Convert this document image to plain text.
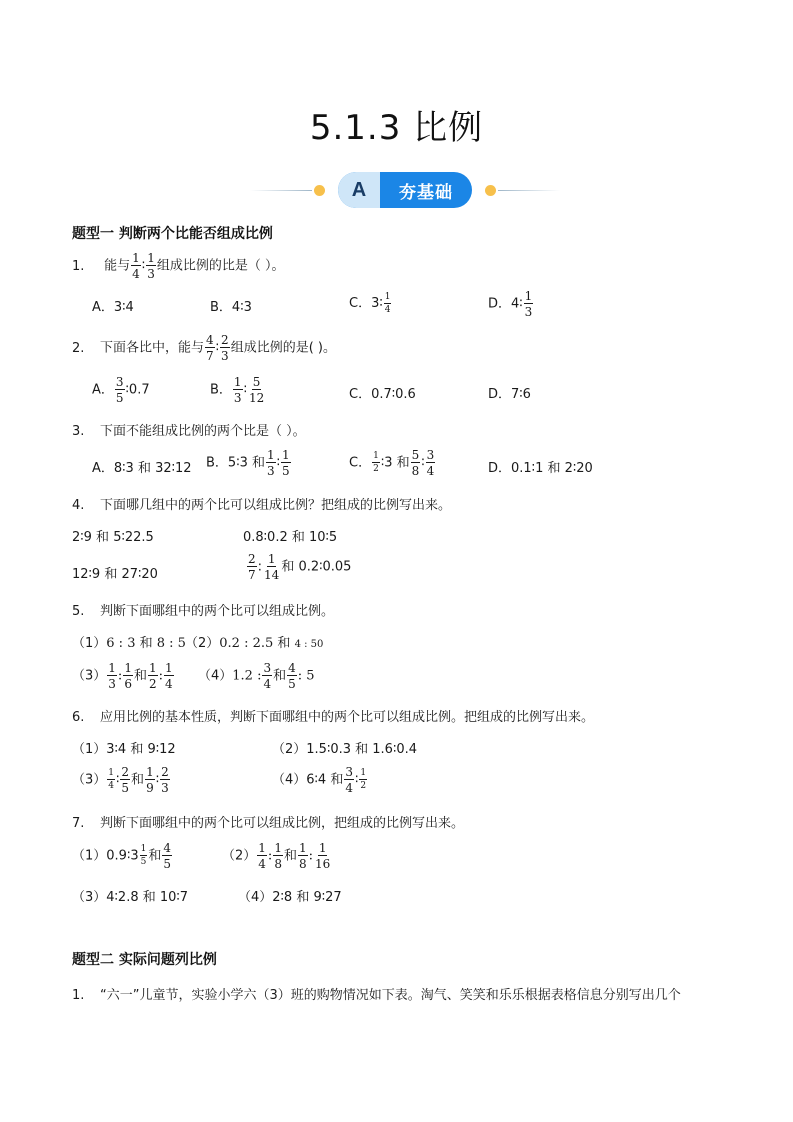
5.1.3 比例
A	夯基础
题型一 判断两个比能否组成比例
1. 能与 $\frac{1}{4}$ ∶ $\frac{1}{3}$ 组成比例的比是（ ）。
A．3∶4	B．4∶3	C．3∶ $\frac{1}{4}$	D．4∶ $\frac{1}{3}$
2. 下面各比中，能与 $\frac{4}{7}$ ∶ $\frac{2}{3}$ 组成比例的是( )。
A． $\frac{3}{5}$ ∶0.7	B． $\frac{1}{3}$ ∶ $\frac{5}{12}$	C．0.7∶0.6	D．7∶6
3. 下面不能组成比例的两个比是（ ）。
A．8∶3 和 32∶12 B．5∶3 和 $\frac{1}{3}$ ∶ $\frac{1}{5}$	C． $\frac{1}{2}$ ∶3 和 $\frac{5}{8}$ ∶ $\frac{3}{4}$	D．0.1∶1 和 2∶20
4. 下面哪几组中的两个比可以组成比例？把组成的比例写出来。
2∶9 和 5∶22.5	0.8∶0.2 和 10∶5
12∶9 和 27∶20	$\frac{2}{7}$ : $\frac{1}{14}$ 和 0.2∶0.05
5. 判断下面哪组中的两个比可以组成比例。
（1）6 : 3 和 8 : 5 （2）0.2 : 2.5 和 4 : 50
$(3) \frac{1}{3}$ : $\frac{1}{6}$ 和 $\frac{1}{2}$ : $\frac{1}{4} (4)1.2$ : $\frac{3}{4}$ 和 $\frac{4}{5}$ : 5
6. 应用比例的基本性质，判断下面哪组中的两个比可以组成比例。把组成的比例写出来。
（1）3∶4 和 9∶12	（2）1.5∶0.3 和 1.6∶0.4
$(3) \frac{1}{4}$ ∶ $\frac{2}{5}$ 和 $\frac{1}{9}$ ∶ $\frac{2}{3}$	（4）6∶4 和 $\frac{3}{4}$ ∶ $\frac{1}{2}$
7. 判断下面哪组中的两个比可以组成比例，把组成的比例写出来。
（1）0.9∶3 $\frac{1}{5}$ 和 $\frac{4}{5}$	$(2) \frac{1}{4}$ : $\frac{1}{8}$ 和 $\frac{1}{8}$ : $\frac{1}{16}$
（3）4∶2.8 和 10∶7	（4）2∶8 和 9∶27
题型二 实际问题列比例
1. “六一”儿童节，实验小学六（3）班的购物情况如下表。淘气、笑笑和乐乐根据表格信息分别写出几个
